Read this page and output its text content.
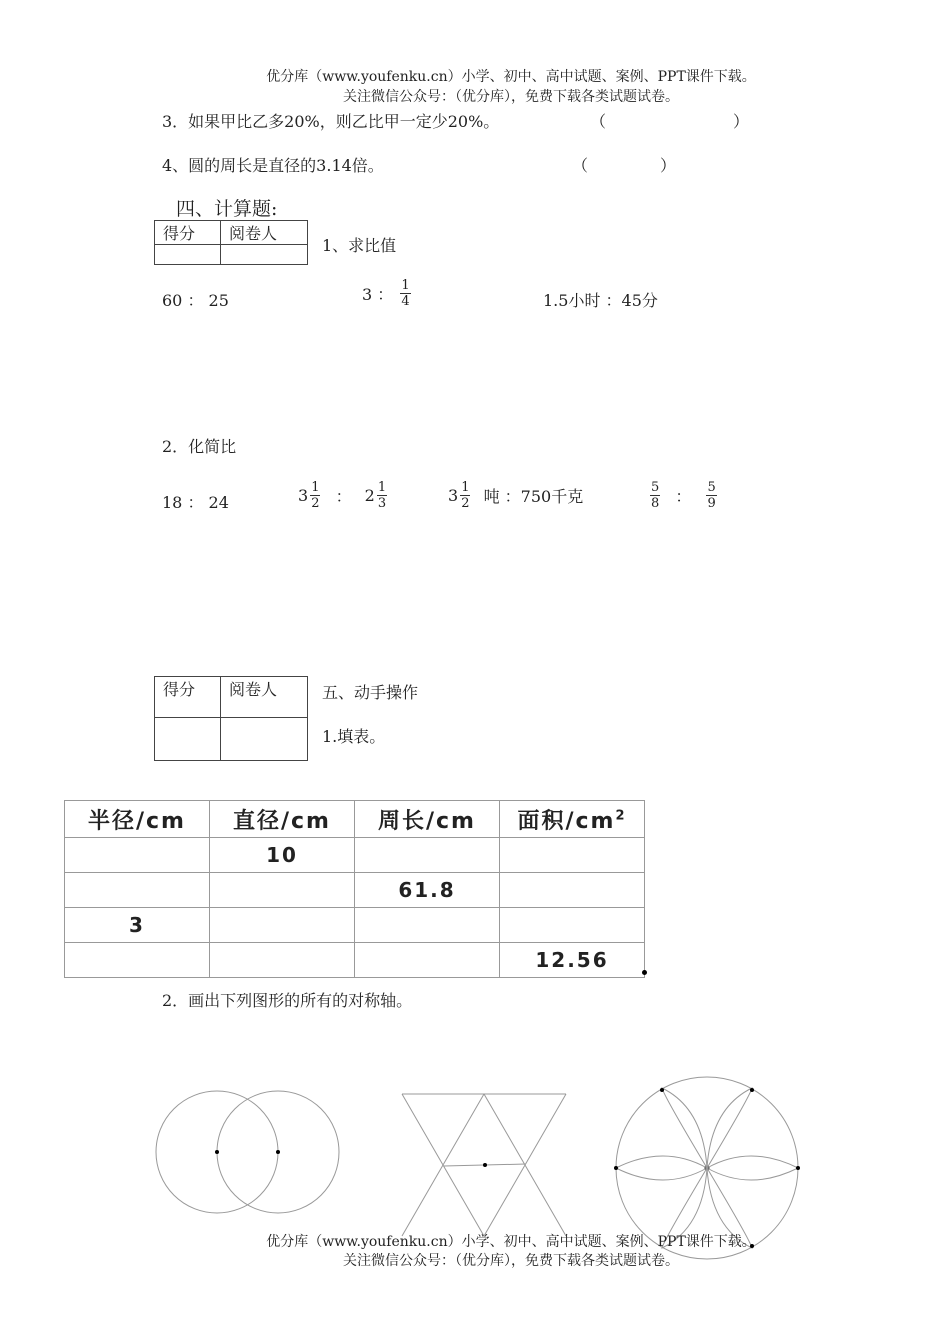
优分库（www.youfenku.cn）小学、初中、高中试题、案例、PPT课件下载。
关注微信公众号：（优分库），免费下载各类试题试卷。
3．如果甲比乙多20%，则乙比甲一定少20%。	（	）
4、圆的周长是直径的3.14倍。	（	）
四、计算题:
得分	阅卷人

1、求比值
60 ： 25	3 ： $\frac{1}{4}$	1.5小时 ：45分
2．化简比
18 ： 24	$3 \frac{1}{2}$ ： $2 \frac{1}{3}$	$3 \frac{1}{2}$ 吨 ：750千克	$\frac{5}{8}$ ： $\frac{5}{9}$
得分	阅卷人
		五、动手操作
1.填表。
半径/cm	直径/cm	周长/cm	面积$/cm^2$
	10		
		61.8	
3			
			12.56
2．画出下列图形的所有的对称轴。
优分库（www.youfenku.cn）小学、初中、高中试题、案例、PPT课件下载。
关注微信公众号：（优分库），免费下载各类试题试卷。
